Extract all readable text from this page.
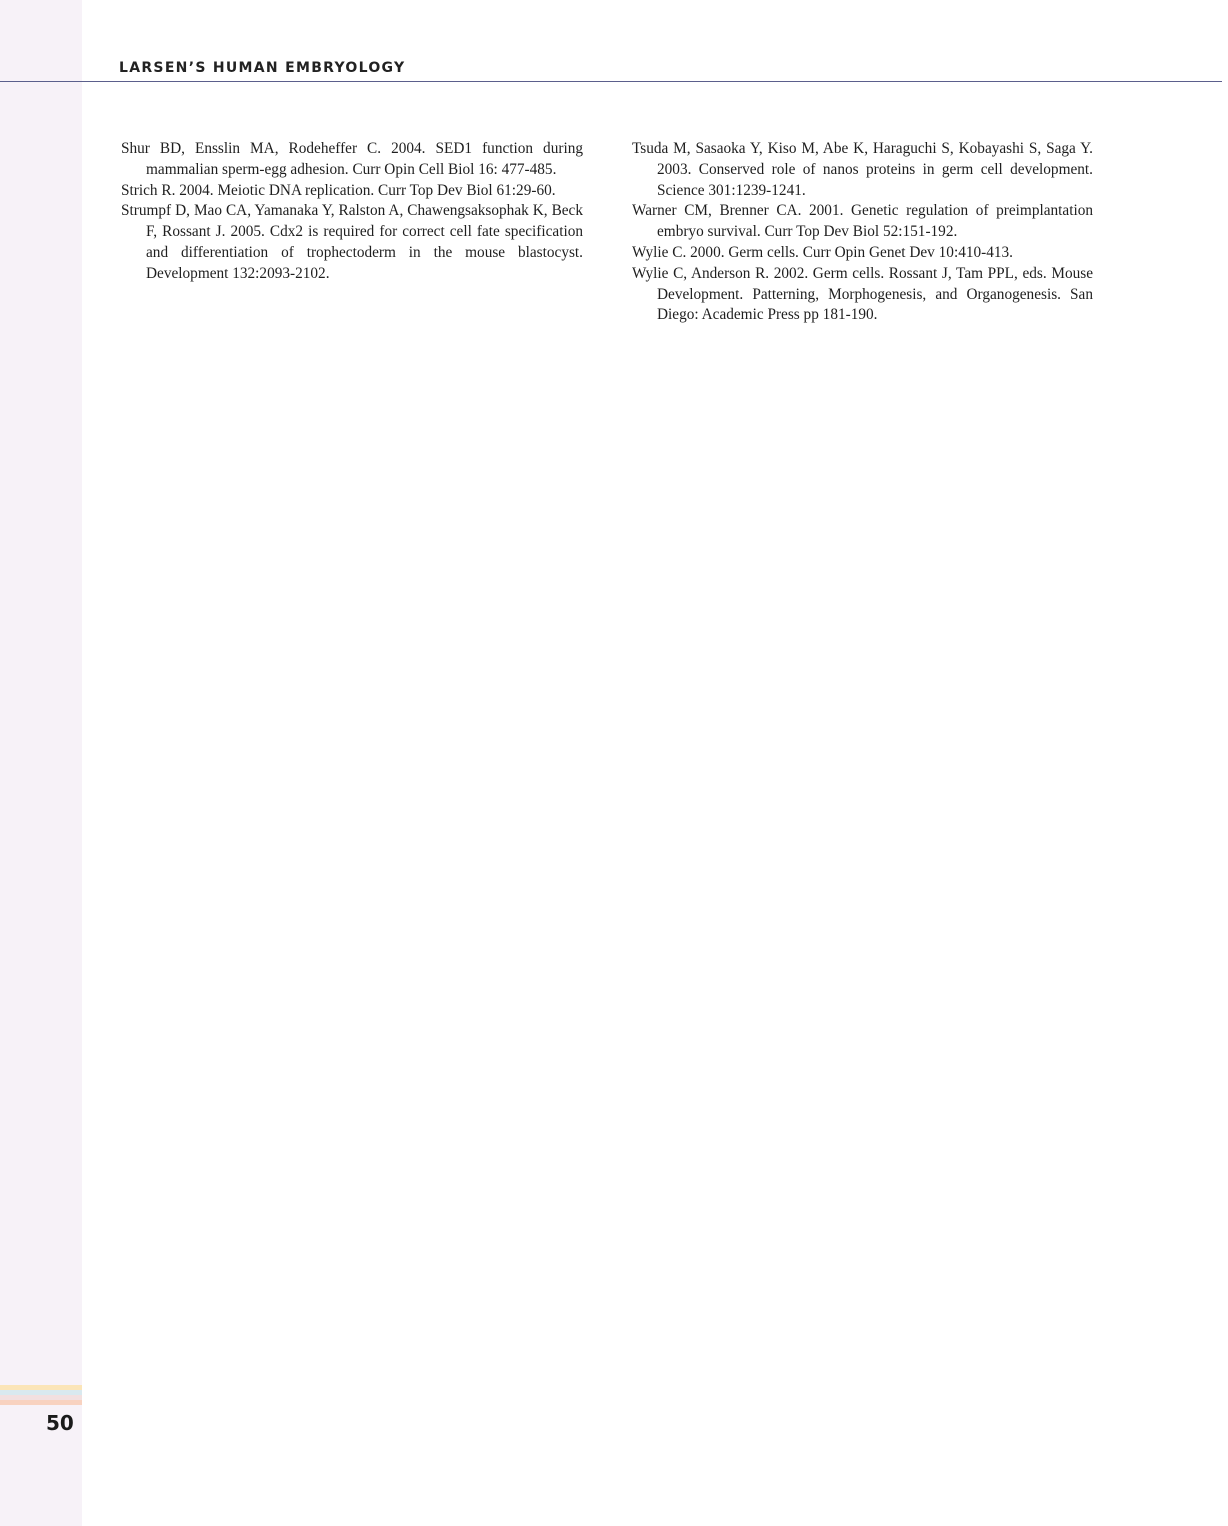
LARSEN’S HUMAN EMBRYOLOGY
Shur BD, Ensslin MA, Rodeheffer C. 2004. SED1 function during mammalian sperm-egg adhesion. Curr Opin Cell Biol 16: 477-485.
Strich R. 2004. Meiotic DNA replication. Curr Top Dev Biol 61:29-60.
Strumpf D, Mao CA, Yamanaka Y, Ralston A, Chawengsaksophak K, Beck F, Rossant J. 2005. Cdx2 is required for correct cell fate specification and differentiation of trophectoderm in the mouse blastocyst. Development 132:2093-2102.
Tsuda M, Sasaoka Y, Kiso M, Abe K, Haraguchi S, Kobayashi S, Saga Y. 2003. Conserved role of nanos proteins in germ cell development. Science 301:1239-1241.
Warner CM, Brenner CA. 2001. Genetic regulation of preimplantation embryo survival. Curr Top Dev Biol 52:151-192.
Wylie C. 2000. Germ cells. Curr Opin Genet Dev 10:410-413.
Wylie C, Anderson R. 2002. Germ cells. Rossant J, Tam PPL, eds. Mouse Development. Patterning, Morphogenesis, and Organogenesis. San Diego: Academic Press pp 181-190.
50
